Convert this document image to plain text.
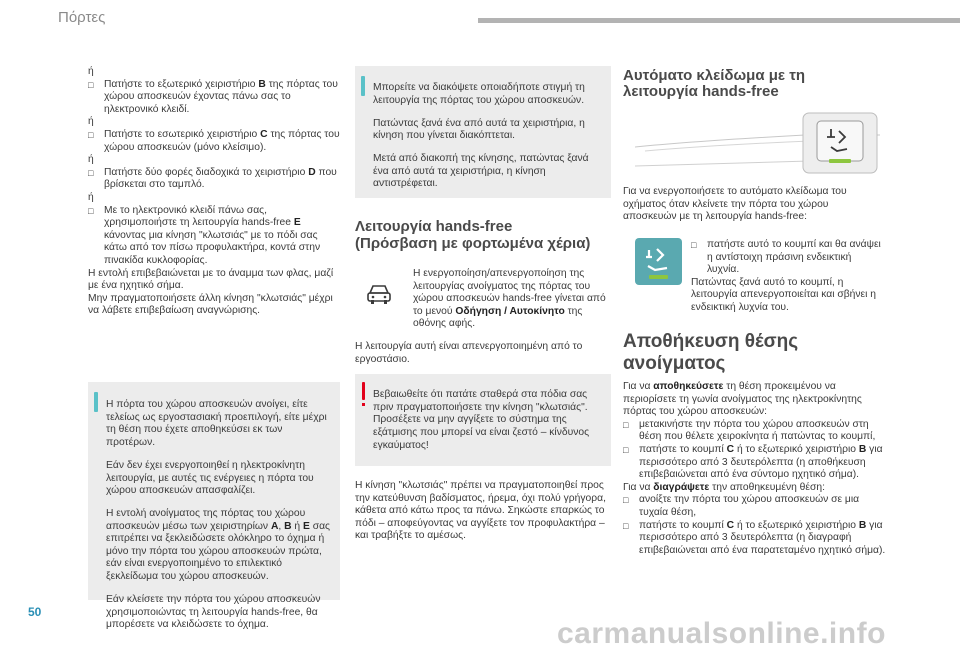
Πόρτες

ή

□ Πατήστε το εξωτερικό χειριστήριο B της πόρτας του χώρου αποσκευών έχοντας πάνω σας το ηλεκτρονικό κλειδί.

ή

□ Πατήστε το εσωτερικό χειριστήριο C της πόρτας του χώρου αποσκευών (μόνο κλείσιμο).

ή

□ Πατήστε δύο φορές διαδοχικά το χειριστήριο D που βρίσκεται στο ταμπλό.

ή

□ Με το ηλεκτρονικό κλειδί πάνω σας, χρησιμοποιήστε τη λειτουργία hands-free E κάνοντας μια κίνηση "κλωτσιάς" με το πόδι σας κάτω από τον πίσω προφυλακτήρα, κοντά στην πινακίδα κυκλοφορίας.

Η εντολή επιβεβαιώνεται με το άναμμα των φλας, μαζί με ένα ηχητικό σήμα.

Μην πραγματοποιήσετε άλλη κίνηση "κλωτσιάς" μέχρι να λάβετε επιβεβαίωση αναγνώρισης.

Η πόρτα του χώρου αποσκευών ανοίγει, είτε τελείως ως εργοστασιακή προεπιλογή, είτε μέχρι τη θέση που έχετε αποθηκεύσει εκ των προτέρων.

Εάν δεν έχει ενεργοποιηθεί η ηλεκτροκίνητη λειτουργία, με αυτές τις ενέργειες η πόρτα του χώρου αποσκευών απασφαλίζει.

Η εντολή ανοίγματος της πόρτας του χώρου αποσκευών μέσω των χειριστηρίων A, B ή E σας επιτρέπει να ξεκλειδώσετε ολόκληρο το όχημα ή μόνο την πόρτα του χώρου αποσκευών πρώτα, εάν είναι ενεργοποιημένο το επιλεκτικό ξεκλείδωμα του χώρου αποσκευών.

Εάν κλείσετε την πόρτα του χώρου αποσκευών χρησιμοποιώντας τη λειτουργία hands-free, θα μπορέσετε να κλειδώσετε το όχημα.

Μπορείτε να διακόψετε οποιαδήποτε στιγμή τη λειτουργία της πόρτας του χώρου αποσκευών.

Πατώντας ξανά ένα από αυτά τα χειριστήρια, η κίνηση που γίνεται διακόπτεται.

Μετά από διακοπή της κίνησης, πατώντας ξανά ένα από αυτά τα χειριστήρια, η κίνηση αντιστρέφεται.

Λειτουργία hands-free
(Πρόσβαση με φορτωμένα χέρια)

Η ενεργοποίηση/απενεργοποίηση της λειτουργίας ανοίγματος της πόρτας του χώρου αποσκευών hands-free γίνεται από το μενού Οδήγηση / Αυτοκίνητο της οθόνης αφής.

Η λειτουργία αυτή είναι απενεργοποιημένη από το εργοστάσιο.

Βεβαιωθείτε ότι πατάτε σταθερά στα πόδια σας πριν πραγματοποιήσετε την κίνηση "κλωτσιάς". Προσέξετε να μην αγγίξετε το σύστημα της εξάτμισης που μπορεί να είναι ζεστό – κίνδυνος εγκαύματος!

Η κίνηση "κλωτσιάς" πρέπει να πραγματοποιηθεί προς την κατεύθυνση βαδίσματος, ήρεμα, όχι πολύ γρήγορα, κάθετα από κάτω προς τα πάνω. Σηκώστε επαρκώς το πόδι – αποφεύγοντας να αγγίξετε τον προφυλακτήρα – και τραβήξτε το αμέσως.

Αυτόματο κλείδωμα με τη
λειτουργία hands-free

Για να ενεργοποιήσετε το αυτόματο κλείδωμα του οχήματος όταν κλείνετε την πόρτα του χώρου αποσκευών με τη λειτουργία hands-free:

□ πατήστε αυτό το κουμπί και θα ανάψει η αντίστοιχη πράσινη ενδεικτική λυχνία.

Πατώντας ξανά αυτό το κουμπί, η λειτουργία απενεργοποιείται και σβήνει η ενδεικτική λυχνία του.

Αποθήκευση θέσης
ανοίγματος

Για να αποθηκεύσετε τη θέση προκειμένου να περιορίσετε τη γωνία ανοίγματος της ηλεκτροκίνητης πόρτας του χώρου αποσκευών:

□ μετακινήστε την πόρτα του χώρου αποσκευών στη θέση που θέλετε χειροκίνητα ή πατώντας το κουμπί,

□ πατήστε το κουμπί C ή το εξωτερικό χειριστήριο B για περισσότερο από 3 δευτερόλεπτα (η αποθήκευση επιβεβαιώνεται από ένα σύντομο ηχητικό σήμα).

Για να διαγράψετε την αποθηκευμένη θέση:

□ ανοίξτε την πόρτα του χώρου αποσκευών σε μια τυχαία θέση,

□ πατήστε το κουμπί C ή το εξωτερικό χειριστήριο B για περισσότερο από 3 δευτερόλεπτα (η διαγραφή επιβεβαιώνεται από ένα παρατεταμένο ηχητικό σήμα).

50
carmanualsonline.info
